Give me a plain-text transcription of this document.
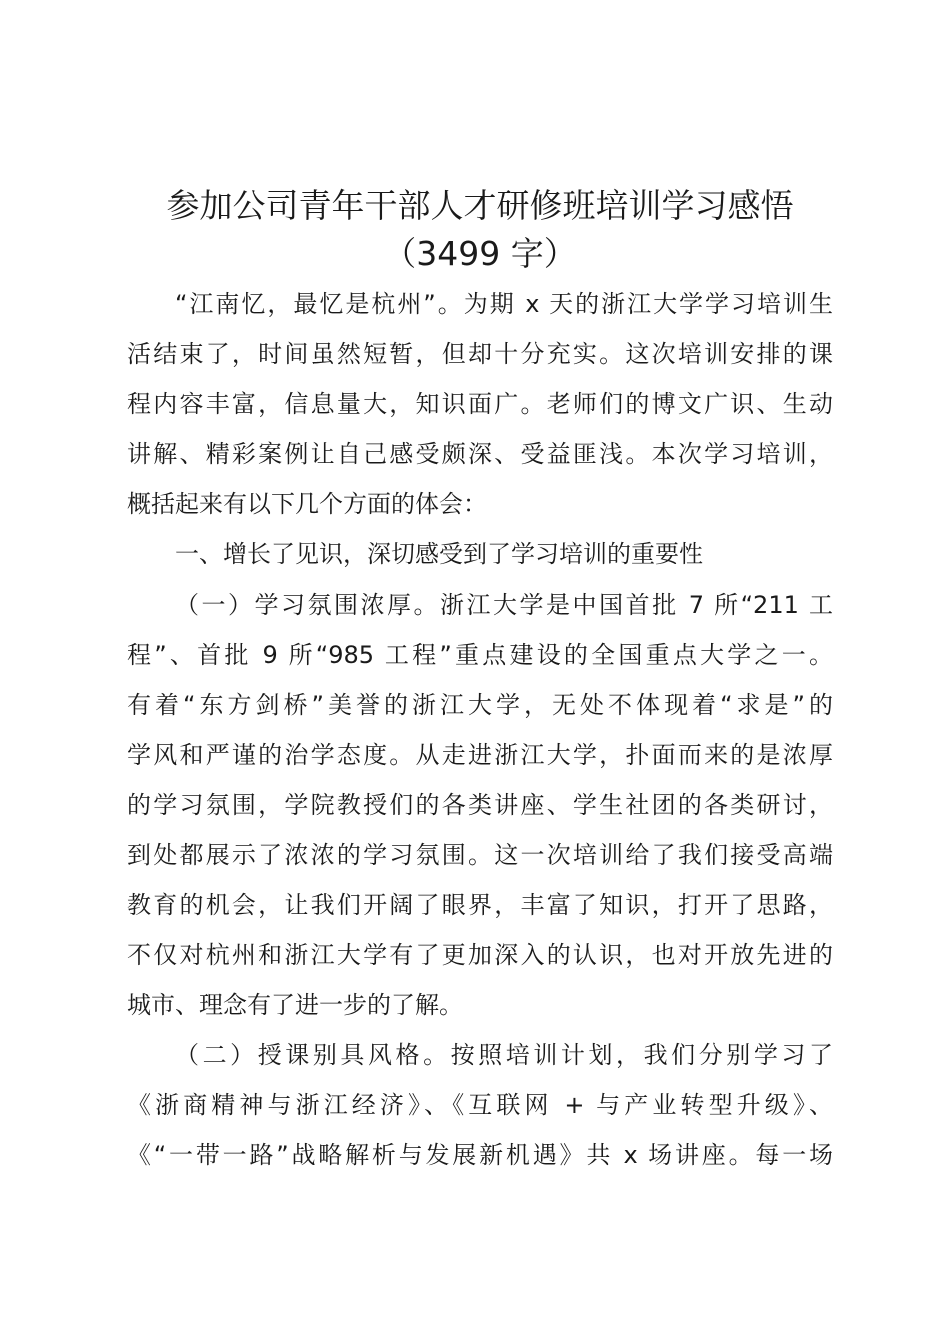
参加公司青年干部人才研修班培训学习感悟
（3499 字）
“江南忆，最忆是杭州”。为期 x 天的浙江大学学习培训生
活结束了，时间虽然短暂，但却十分充实。这次培训安排的课
程内容丰富，信息量大，知识面广。老师们的博文广识、生动
讲解、精彩案例让自己感受颇深、受益匪浅。本次学习培训，
概括起来有以下几个方面的体会：
一、增长了见识，深切感受到了学习培训的重要性
（一）学习氛围浓厚。浙江大学是中国首批 7 所“211 工
程”、首批 9 所“985 工程”重点建设的全国重点大学之一。
有着“东方剑桥”美誉的浙江大学，无处不体现着“求是”的
学风和严谨的治学态度。从走进浙江大学，扑面而来的是浓厚
的学习氛围，学院教授们的各类讲座、学生社团的各类研讨，
到处都展示了浓浓的学习氛围。这一次培训给了我们接受高端
教育的机会，让我们开阔了眼界，丰富了知识，打开了思路，
不仅对杭州和浙江大学有了更加深入的认识，也对开放先进的
城市、理念有了进一步的了解。
（二）授课别具风格。按照培训计划，我们分别学习了
《浙商精神与浙江经济》、《互联网 + 与产业转型升级》、
《“一带一路”战略解析与发展新机遇》共 x 场讲座。每一场
